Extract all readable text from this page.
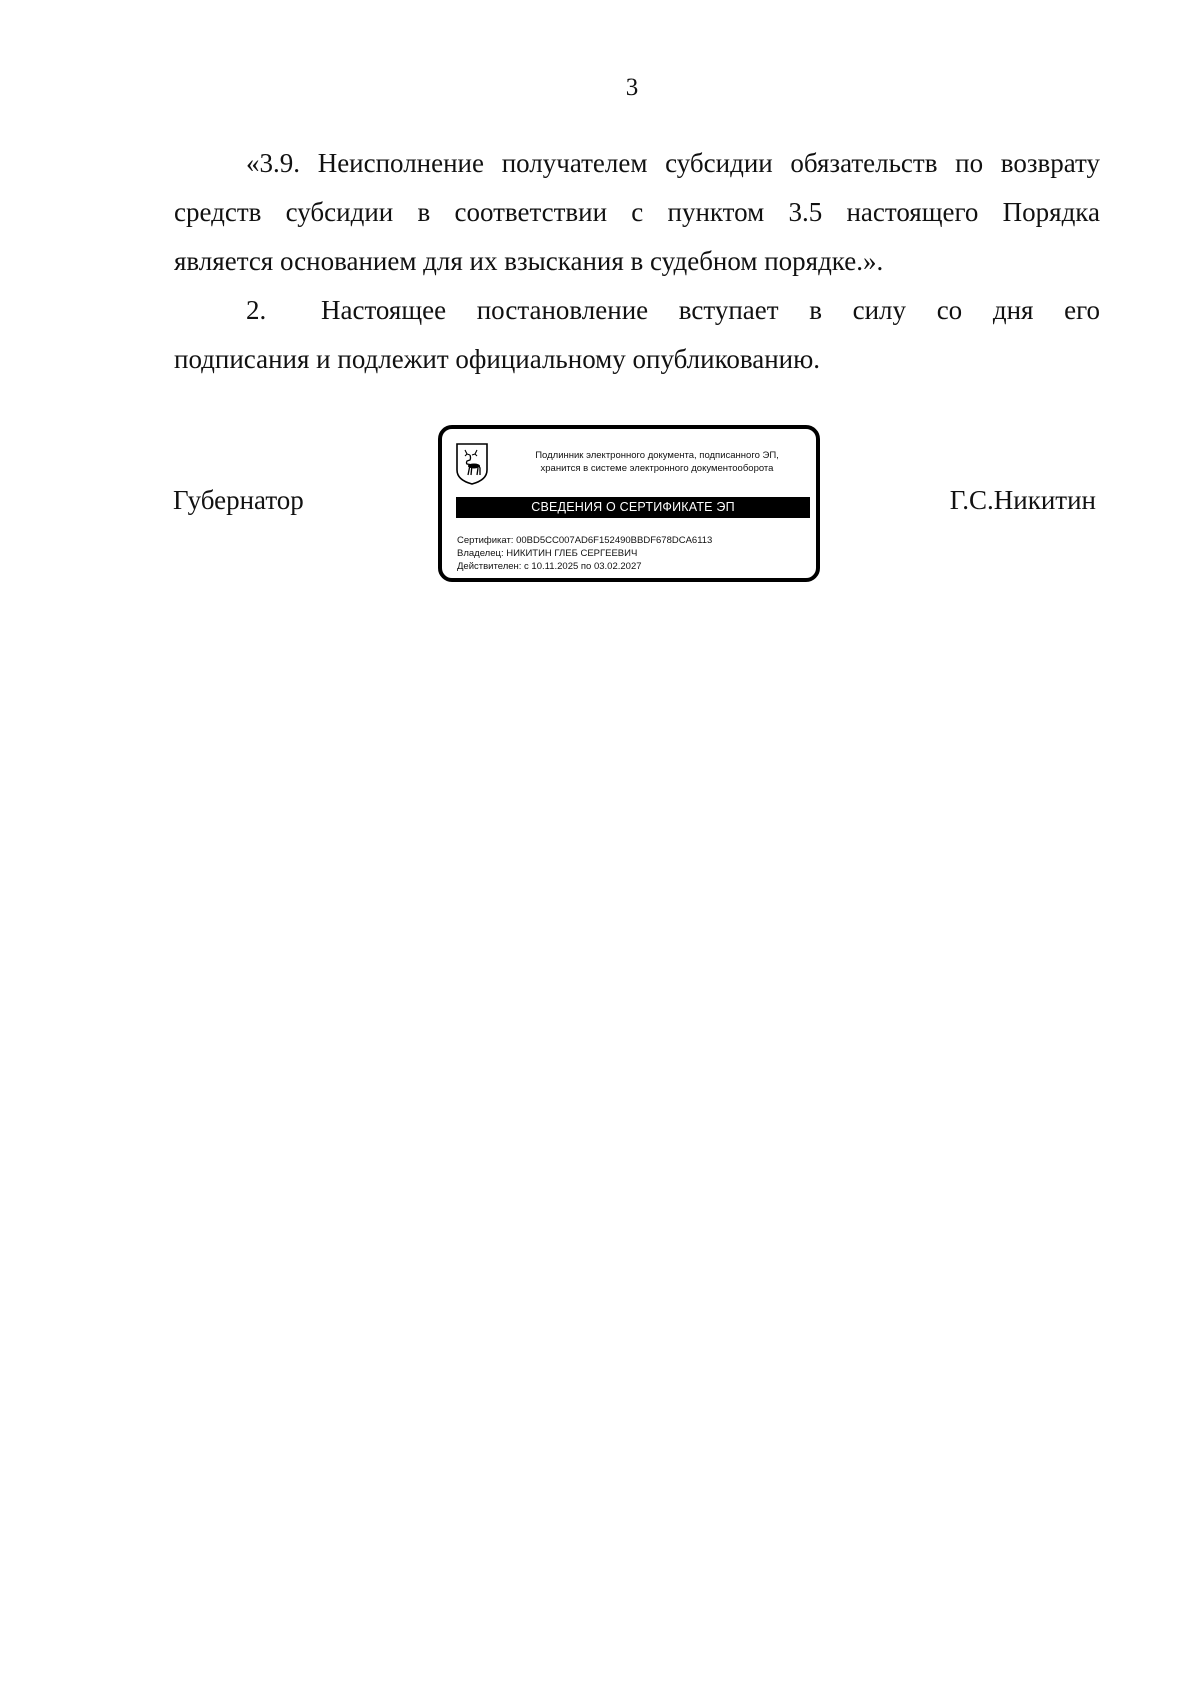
3
«3.9. Неисполнение получателем субсидии обязательств по возврату
средств субсидии в соответствии с пунктом 3.5 настоящего Порядка
является основанием для их взыскания в судебном порядке.».
2. Настоящее постановление вступает в силу со дня его
подписания и подлежит официальному опубликованию.
Губернатор	Г.С.Никитин
Подлинник электронного документа, подписанного ЭП,
хранится в системе электронного документооборота
СВЕДЕНИЯ О СЕРТИФИКАТЕ ЭП
Сертификат: 00BD5CC007AD6F152490BBDF678DCA6113
Владелец: НИКИТИН ГЛЕБ СЕРГЕЕВИЧ
Действителен: с 10.11.2025 по 03.02.2027
